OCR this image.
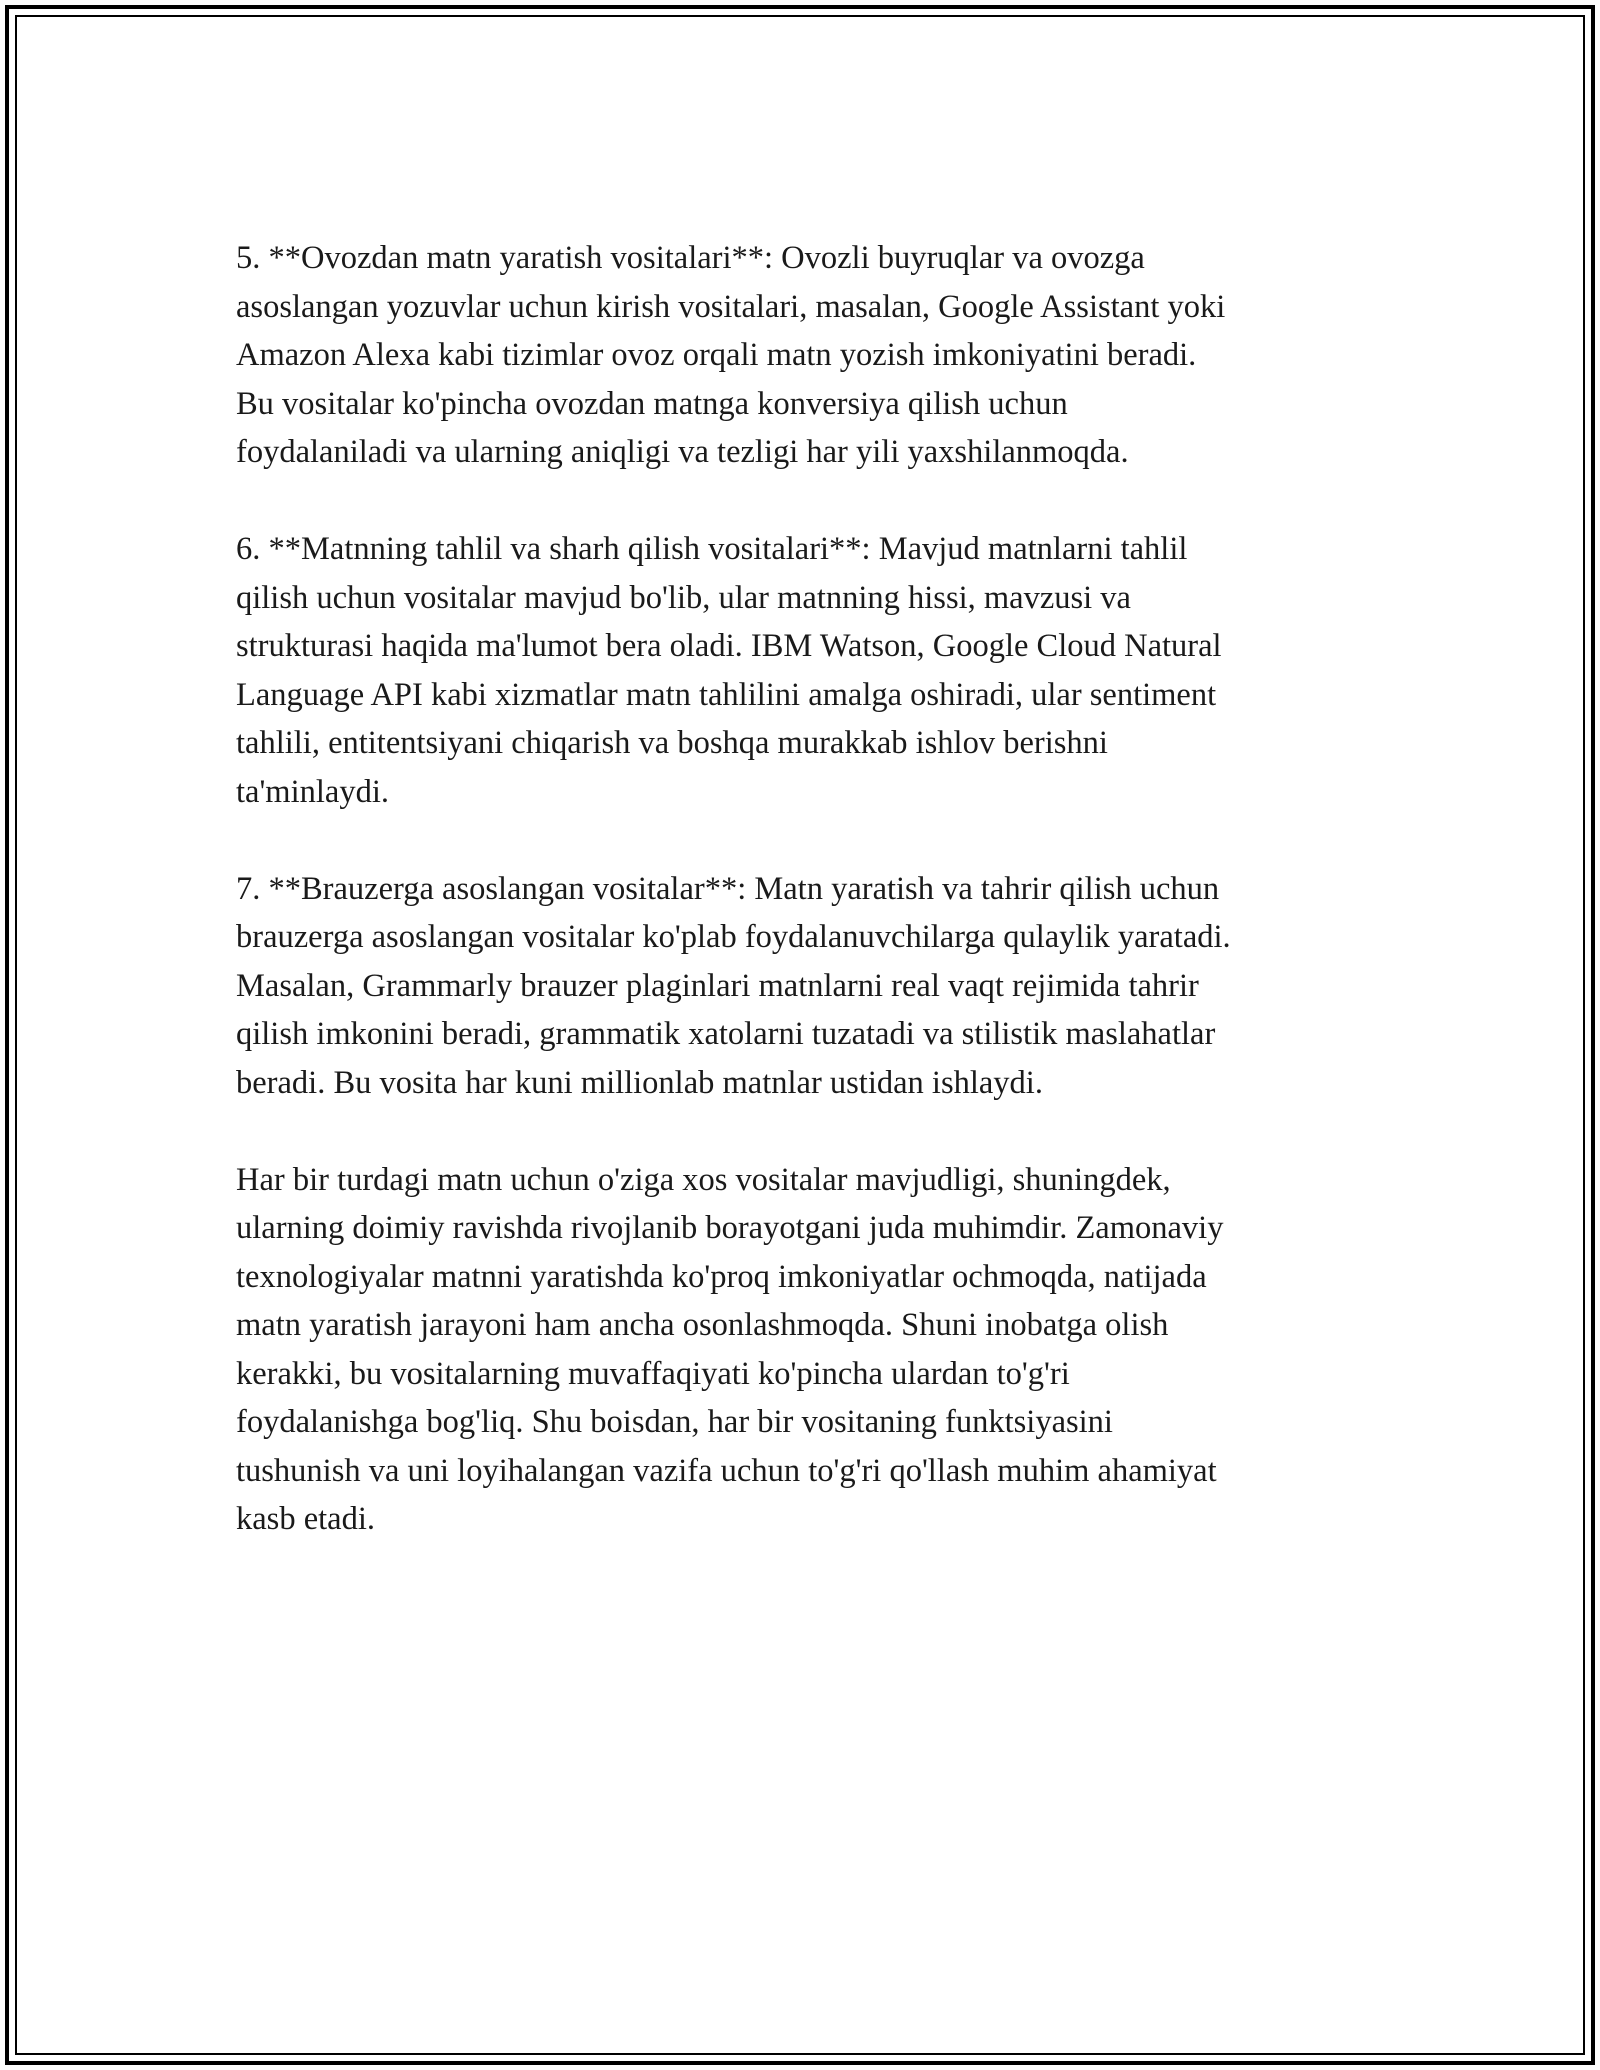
5. **Ovozdan matn yaratish vositalari**: Ovozli buyruqlar va ovozga
asoslangan yozuvlar uchun kirish vositalari, masalan, Google Assistant yoki
Amazon Alexa kabi tizimlar ovoz orqali matn yozish imkoniyatini beradi.
Bu vositalar ko'pincha ovozdan matnga konversiya qilish uchun
foydalaniladi va ularning aniqligi va tezligi har yili yaxshilanmoqda.

6. **Matnning tahlil va sharh qilish vositalari**: Mavjud matnlarni tahlil
qilish uchun vositalar mavjud bo'lib, ular matnning hissi, mavzusi va
strukturasi haqida ma'lumot bera oladi. IBM Watson, Google Cloud Natural
Language API kabi xizmatlar matn tahlilini amalga oshiradi, ular sentiment
tahlili, entitentsiyani chiqarish va boshqa murakkab ishlov berishni
ta'minlaydi.

7. **Brauzerga asoslangan vositalar**: Matn yaratish va tahrir qilish uchun
brauzerga asoslangan vositalar ko'plab foydalanuvchilarga qulaylik yaratadi.
Masalan, Grammarly brauzer plaginlari matnlarni real vaqt rejimida tahrir
qilish imkonini beradi, grammatik xatolarni tuzatadi va stilistik maslahatlar
beradi. Bu vosita har kuni millionlab matnlar ustidan ishlaydi.

Har bir turdagi matn uchun o'ziga xos vositalar mavjudligi, shuningdek,
ularning doimiy ravishda rivojlanib borayotgani juda muhimdir. Zamonaviy
texnologiyalar matnni yaratishda ko'proq imkoniyatlar ochmoqda, natijada
matn yaratish jarayoni ham ancha osonlashmoqda. Shuni inobatga olish
kerakki, bu vositalarning muvaffaqiyati ko'pincha ulardan to'g'ri
foydalanishga bog'liq. Shu boisdan, har bir vositaning funktsiyasini
tushunish va uni loyihalangan vazifa uchun to'g'ri qo'llash muhim ahamiyat
kasb etadi.
